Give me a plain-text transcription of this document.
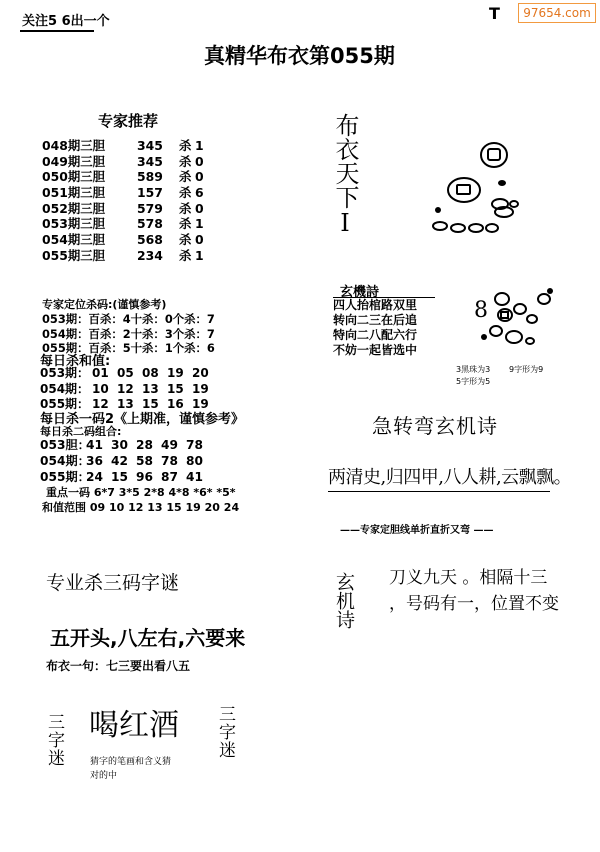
关注5 6出一个	T	97654.com
真精华布衣第055期
专家推荐
048期三胆	345 杀 1
049期三胆	345 杀 0
050期三胆	589 杀 0
051期三胆	157 杀 6
052期三胆	579 杀 0
053期三胆	578 杀 1
054期三胆	568 杀 0
055期三胆	234 杀 1
专家定位杀码:(谨慎参考)
053期：百杀：4十杀：0个杀：7
054期：百杀：2十杀：3个杀：7
055期：百杀：5十杀：1个杀：6
每日杀和值:
053期： 01 05 08 19 20
054期： 10 12 13 15 19
055期： 12 13 15 16 19
每日杀一码2《上期准，谨慎参考》
每日杀二码组合:
053胆：41 30 28 49 78
054期：36 42 58 78 80
055期：24 15 96 87 41
重点一码 6*7 3*5 2*8 4*8 *6* *5*
和值范围 09 10 12 13 15 19 20 24
专业杀三码字谜
五开头,八左右,六要来
布衣一句：七三要出看八五
三字迷 喝红酒
猜字的笔画和含义猜
对的中
三字迷
布衣天下I
玄機詩
四人抬棺路双里
转向二三在后追
特向二八配六行
不妨一起皆选中
8
3黑珠为3 9字形为9
5字形为5
急转弯玄机诗
两清史,归四甲,八人耕,云飘飘。
——专家定胆线单折直折又弯 ——
玄机诗 刀义九天 。相隔十三
，号码有一，位置不变
